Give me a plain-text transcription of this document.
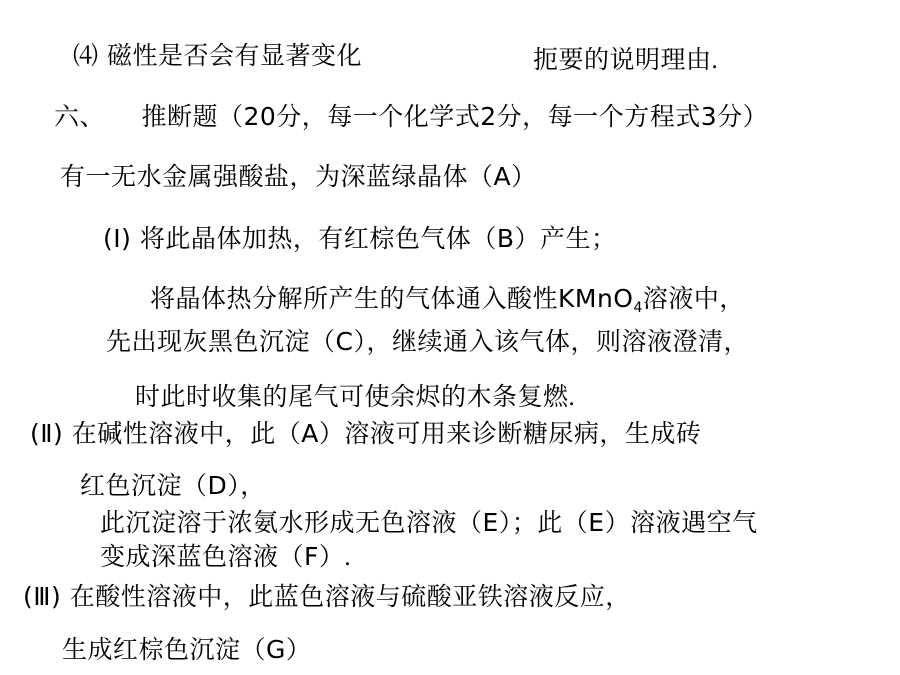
⑷ 磁性是否会有显著变化	扼要的说明理由.
六、 推断题（20分，每一个化学式2分，每一个方程式3分）
有一无水金属强酸盐，为深蓝绿晶体（A）
(Ⅰ) 将此晶体加热，有红棕色气体（B）产生；
将晶体热分解所产生的气体通入酸性KMnO$_4$溶液中，
先出现灰黑色沉淀（C），继续通入该气体，则溶液澄清，
时此时收集的尾气可使余烬的木条复燃.
(Ⅱ) 在碱性溶液中，此（A）溶液可用来诊断糖尿病，生成砖
红色沉淀（D），
此沉淀溶于浓氨水形成无色溶液（E）；此（E）溶液遇空气
变成深蓝色溶液（F）.
(Ⅲ) 在酸性溶液中，此蓝色溶液与硫酸亚铁溶液反应，
生成红棕色沉淀（G）
